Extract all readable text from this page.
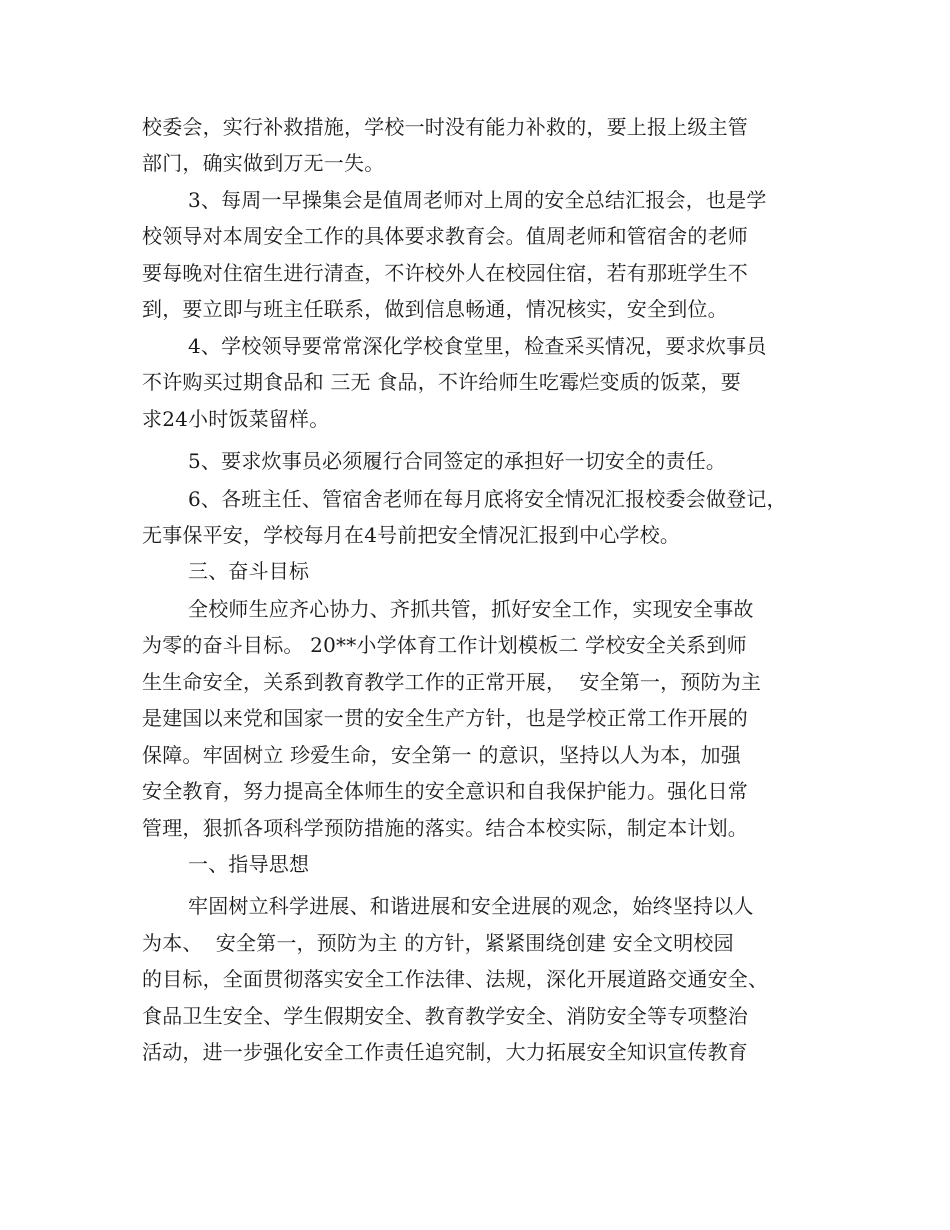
校委会，实行补救措施，学校一时没有能力补救的，要上报上级主管
部门，确实做到万无一失。
3、每周一早操集会是值周老师对上周的安全总结汇报会，也是学
校领导对本周安全工作的具体要求教育会。值周老师和管宿舍的老师
要每晚对住宿生进行清查，不许校外人在校园住宿，若有那班学生不
到，要立即与班主任联系，做到信息畅通，情况核实，安全到位。
4、学校领导要常常深化学校食堂里，检查采买情况，要求炊事员
不许购买过期食品和 三无 食品，不许给师生吃霉烂变质的饭菜，要
求24小时饭菜留样。
5、要求炊事员必须履行合同签定的承担好一切安全的责任。
6、各班主任、管宿舍老师在每月底将安全情况汇报校委会做登记，
无事保平安，学校每月在4号前把安全情况汇报到中心学校。
三、奋斗目标
全校师生应齐心协力、齐抓共管，抓好安全工作，实现安全事故
为零的奋斗目标。 20**小学体育工作计划模板二 学校安全关系到师
生生命安全，关系到教育教学工作的正常开展，  安全第一，预防为主
是建国以来党和国家一贯的安全生产方针，也是学校正常工作开展的
保障。牢固树立 珍爱生命，安全第一 的意识，坚持以人为本，加强
安全教育，努力提高全体师生的安全意识和自我保护能力。强化日常
管理，狠抓各项科学预防措施的落实。结合本校实际，制定本计划。
一、指导思想
牢固树立科学进展、和谐进展和安全进展的观念，始终坚持以人
为本、  安全第一，预防为主 的方针，紧紧围绕创建 安全文明校园
的目标，全面贯彻落实安全工作法律、法规，深化开展道路交通安全、
食品卫生安全、学生假期安全、教育教学安全、消防安全等专项整治
活动，进一步强化安全工作责任追究制，大力拓展安全知识宣传教育
